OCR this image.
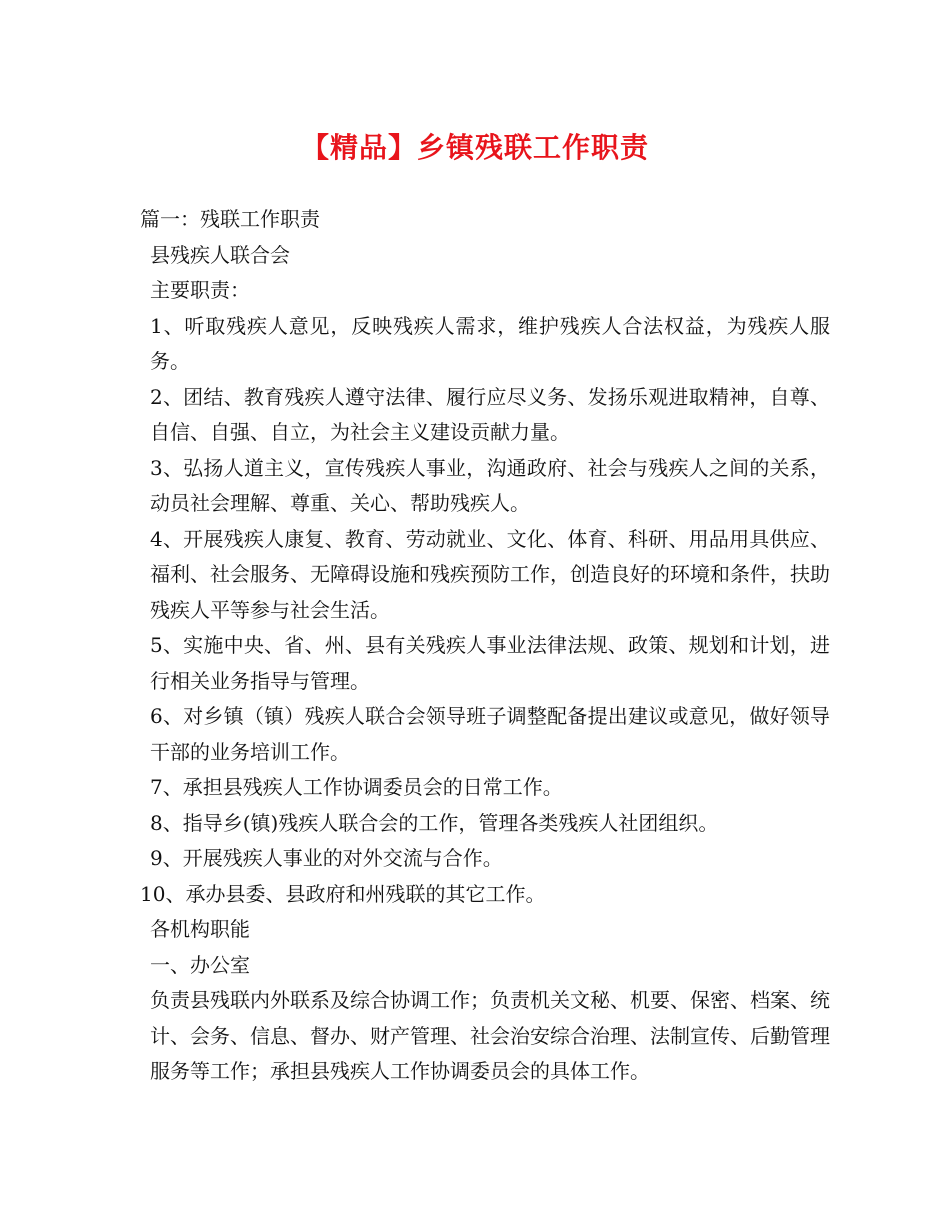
【精品】乡镇残联工作职责

篇一：残联工作职责

县残疾人联合会

主要职责：

1、听取残疾人意见，反映残疾人需求，维护残疾人合法权益，为残疾人服务。

2、团结、教育残疾人遵守法律、履行应尽义务、发扬乐观进取精神，自尊、自信、自强、自立，为社会主义建设贡献力量。

3、弘扬人道主义，宣传残疾人事业，沟通政府、社会与残疾人之间的关系，动员社会理解、尊重、关心、帮助残疾人。

4、开展残疾人康复、教育、劳动就业、文化、体育、科研、用品用具供应、福利、社会服务、无障碍设施和残疾预防工作，创造良好的环境和条件，扶助残疾人平等参与社会生活。

5、实施中央、省、州、县有关残疾人事业法律法规、政策、规划和计划，进行相关业务指导与管理。

6、对乡镇（镇）残疾人联合会领导班子调整配备提出建议或意见，做好领导干部的业务培训工作。

7、承担县残疾人工作协调委员会的日常工作。

8、指导乡(镇)残疾人联合会的工作，管理各类残疾人社团组织。

9、开展残疾人事业的对外交流与合作。

10、承办县委、县政府和州残联的其它工作。

各机构职能

一、办公室

负责县残联内外联系及综合协调工作；负责机关文秘、机要、保密、档案、统计、会务、信息、督办、财产管理、社会治安综合治理、法制宣传、后勤管理服务等工作；承担县残疾人工作协调委员会的具体工作。
